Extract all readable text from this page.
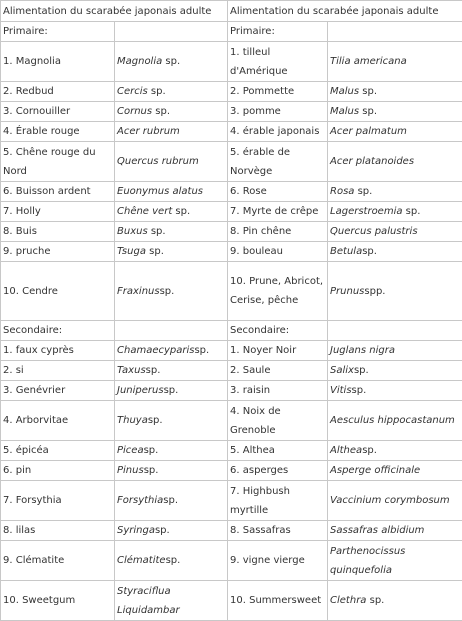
Alimentation du scarabée japonais adulte		Alimentation du scarabée japonais adulte	
Primaire:		Primaire:	
1. Magnolia	Magnolia sp.	1. tilleul d'Amérique	Tilia americana
2. Redbud	Cercis sp.	2. Pommette	Malus sp.
3. Cornouiller	Cornus sp.	3. pomme	Malus sp.
4. Érable rouge	Acer rubrum	4. érable japonais	Acer palmatum
5. Chêne rouge du Nord	Quercus rubrum	5. érable de Norvège	Acer platanoides
6. Buisson ardent	Euonymus alatus	6. Rose	Rosa sp.
7. Holly	Chêne vert sp.	7. Myrte de crêpe	Lagerstroemia sp.
8. Buis	Buxus sp.	8. Pin chêne	Quercus palustris
9. pruche	Tsuga sp.	9. bouleau	Betulasp.
10. Cendre	Fraxinussp.	10. Prune, Abricot, Cerise, pêche	Prunusspp.
Secondaire:		Secondaire:	
1. faux cyprès	Chamaecyparissp.	1. Noyer Noir	Juglans nigra
2. si	Taxussp.	2. Saule	Salixsp.
3. Genévrier	Juniperussp.	3. raisin	Vitissp.
4. Arborvitae	Thuyasp.	4. Noix de Grenoble	Aesculus hippocastanum
5. épicéa	Piceasp.	5. Althea	Altheasp.
6. pin	Pinussp.	6. asperges	Asperge officinale
7. Forsythia	Forsythiasp.	7. Highbush myrtille	Vaccinium corymbosum
8. lilas	Syringasp.	8. Sassafras	Sassafras albidium
9. Clématite	Clématitesp.	9. vigne vierge	Parthenocissus quinquefolia
10. Sweetgum	Styraciflua Liquidambar	10. Summersweet	Clethra sp.
